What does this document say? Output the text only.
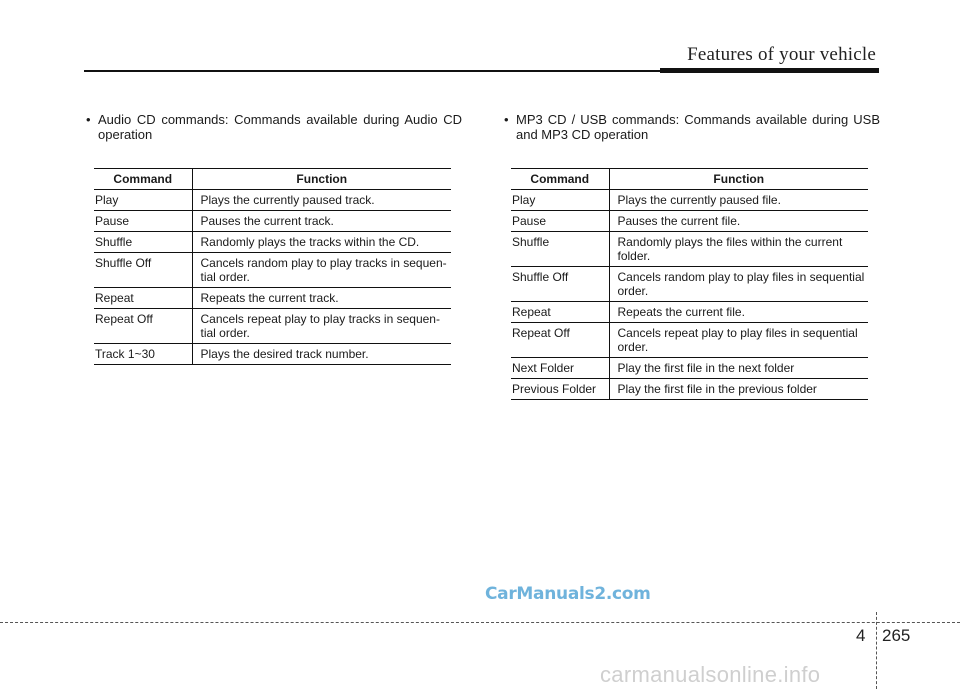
Features of your vehicle
• Audio CD commands: Commands available during Audio CD operation
Command	Function
Play	Plays the currently paused track.

Pause	Pauses the current track.

Shuffle	Randomly plays the tracks within the CD.

Shuffle Off	Cancels random play to play tracks in sequen-
tial order.

Repeat	Repeats the current track.

Repeat Off	Cancels repeat play to play tracks in sequen-
tial order.

Track 1~30	Plays the desired track number.
• MP3 CD / USB commands: Commands available during USB and MP3 CD operation
Command	Function
Play	Plays the currently paused file.

Pause	Pauses the current file.

Shuffle	Randomly plays the files within the current
folder.

Shuffle Off	Cancels random play to play files in sequential
order.

Repeat	Repeats the current file.

Repeat Off	Cancels repeat play to play files in sequential
order.

Next Folder	Play the first file in the next folder

Previous Folder	Play the first file in the previous folder
CarManuals2.com
4 265
carmanualsonline.info
